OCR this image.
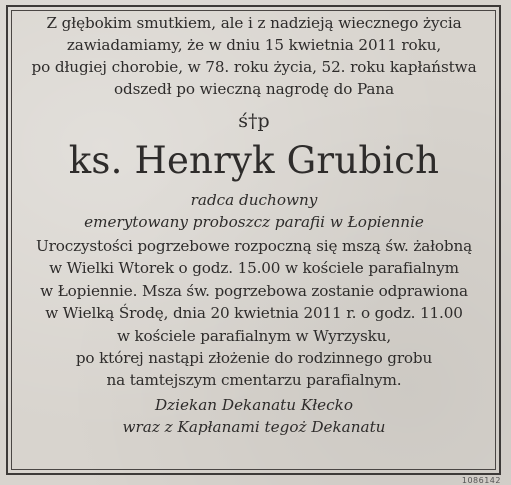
Z głębokim smutkiem, ale i z nadzieją wiecznego życia
zawiadamiamy, że w dniu 15 kwietnia 2011 roku,
po długiej chorobie, w 78. roku życia, 52. roku kapłaństwa
odszedł po wieczną nagrodę do Pana

ś†p

ks. Henryk Grubich

radca duchowny
emerytowany proboszcz parafii w Łopiennie

Uroczystości pogrzebowe rozpoczną się mszą św. żałobną
w Wielki Wtorek o godz. 15.00 w kościele parafialnym
w Łopiennie. Msza św. pogrzebowa zostanie odprawiona
w Wielką Środę, dnia 20 kwietnia 2011 r. o godz. 11.00
w kościele parafialnym w Wyrzysku,
po której nastąpi złożenie do rodzinnego grobu
na tamtejszym cmentarzu parafialnym.

Dziekan Dekanatu Kłecko
wraz z Kapłanami tegoż Dekanatu

1086142
